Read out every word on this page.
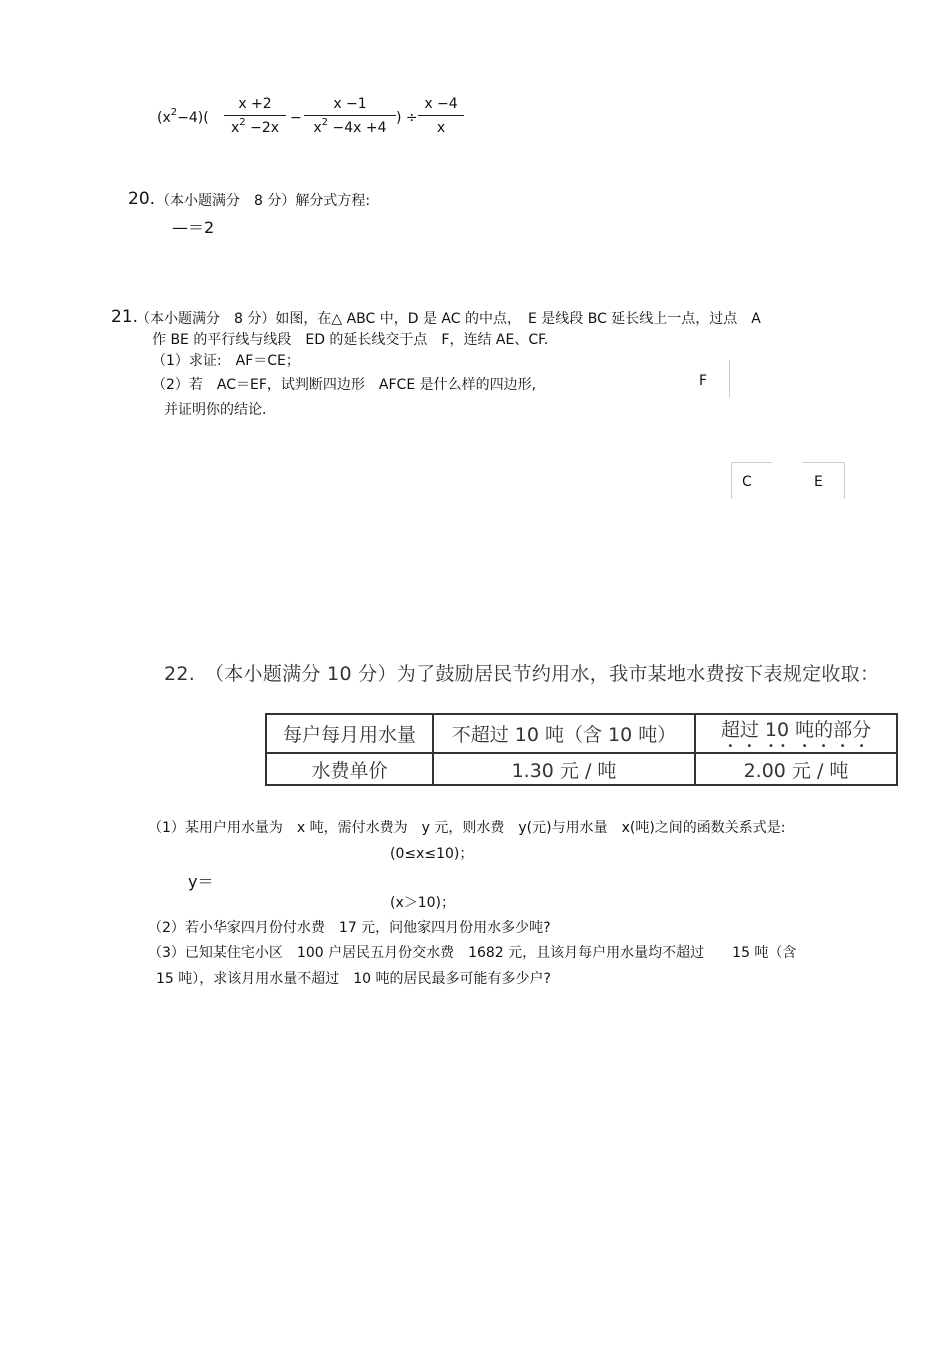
$(x^2-4)( \frac{x +2}{x^2 -2x} - \frac{x -1}{x^2 -4x +4}$ ) ÷ $\frac{x -4}{x}$
20. （本小题满分　8 分）解分式方程:
—＝2
21.
（本小题满分　8 分）如图，在△ ABC 中，D 是 AC 的中点，　E 是线段 BC 延长线上一点，过点　A
作 BE 的平行线与线段　ED 的延长线交于点　F，连结 AE、CF.
（1）求证:　AF＝CE；
（2）若　AC＝EF，试判断四边形　AFCE 是什么样的四边形,
并证明你的结论.
F
C	E
22.　（本小题满分 10 分）为了鼓励居民节约用水，我市某地水费按下表规定收取：
每户每月用水量	不超过 10 吨（含 10 吨）	超过 10 吨的部分
水费单价	1.30 元 / 吨	2.00 元 / 吨
（1）某用户用水量为　x 吨，需付水费为　y 元，则水费　y(元)与用水量　x(吨)之间的函数关系式是:
(0≤x≤10)；
y＝
(x＞10)；
（2）若小华家四月份付水费　17 元，问他家四月份用水多少吨?
（3）已知某住宅小区　100 户居民五月份交水费　1682 元，且该月每户用水量均不超过　　15 吨（含
15 吨），求该月用水量不超过　10 吨的居民最多可能有多少户?
